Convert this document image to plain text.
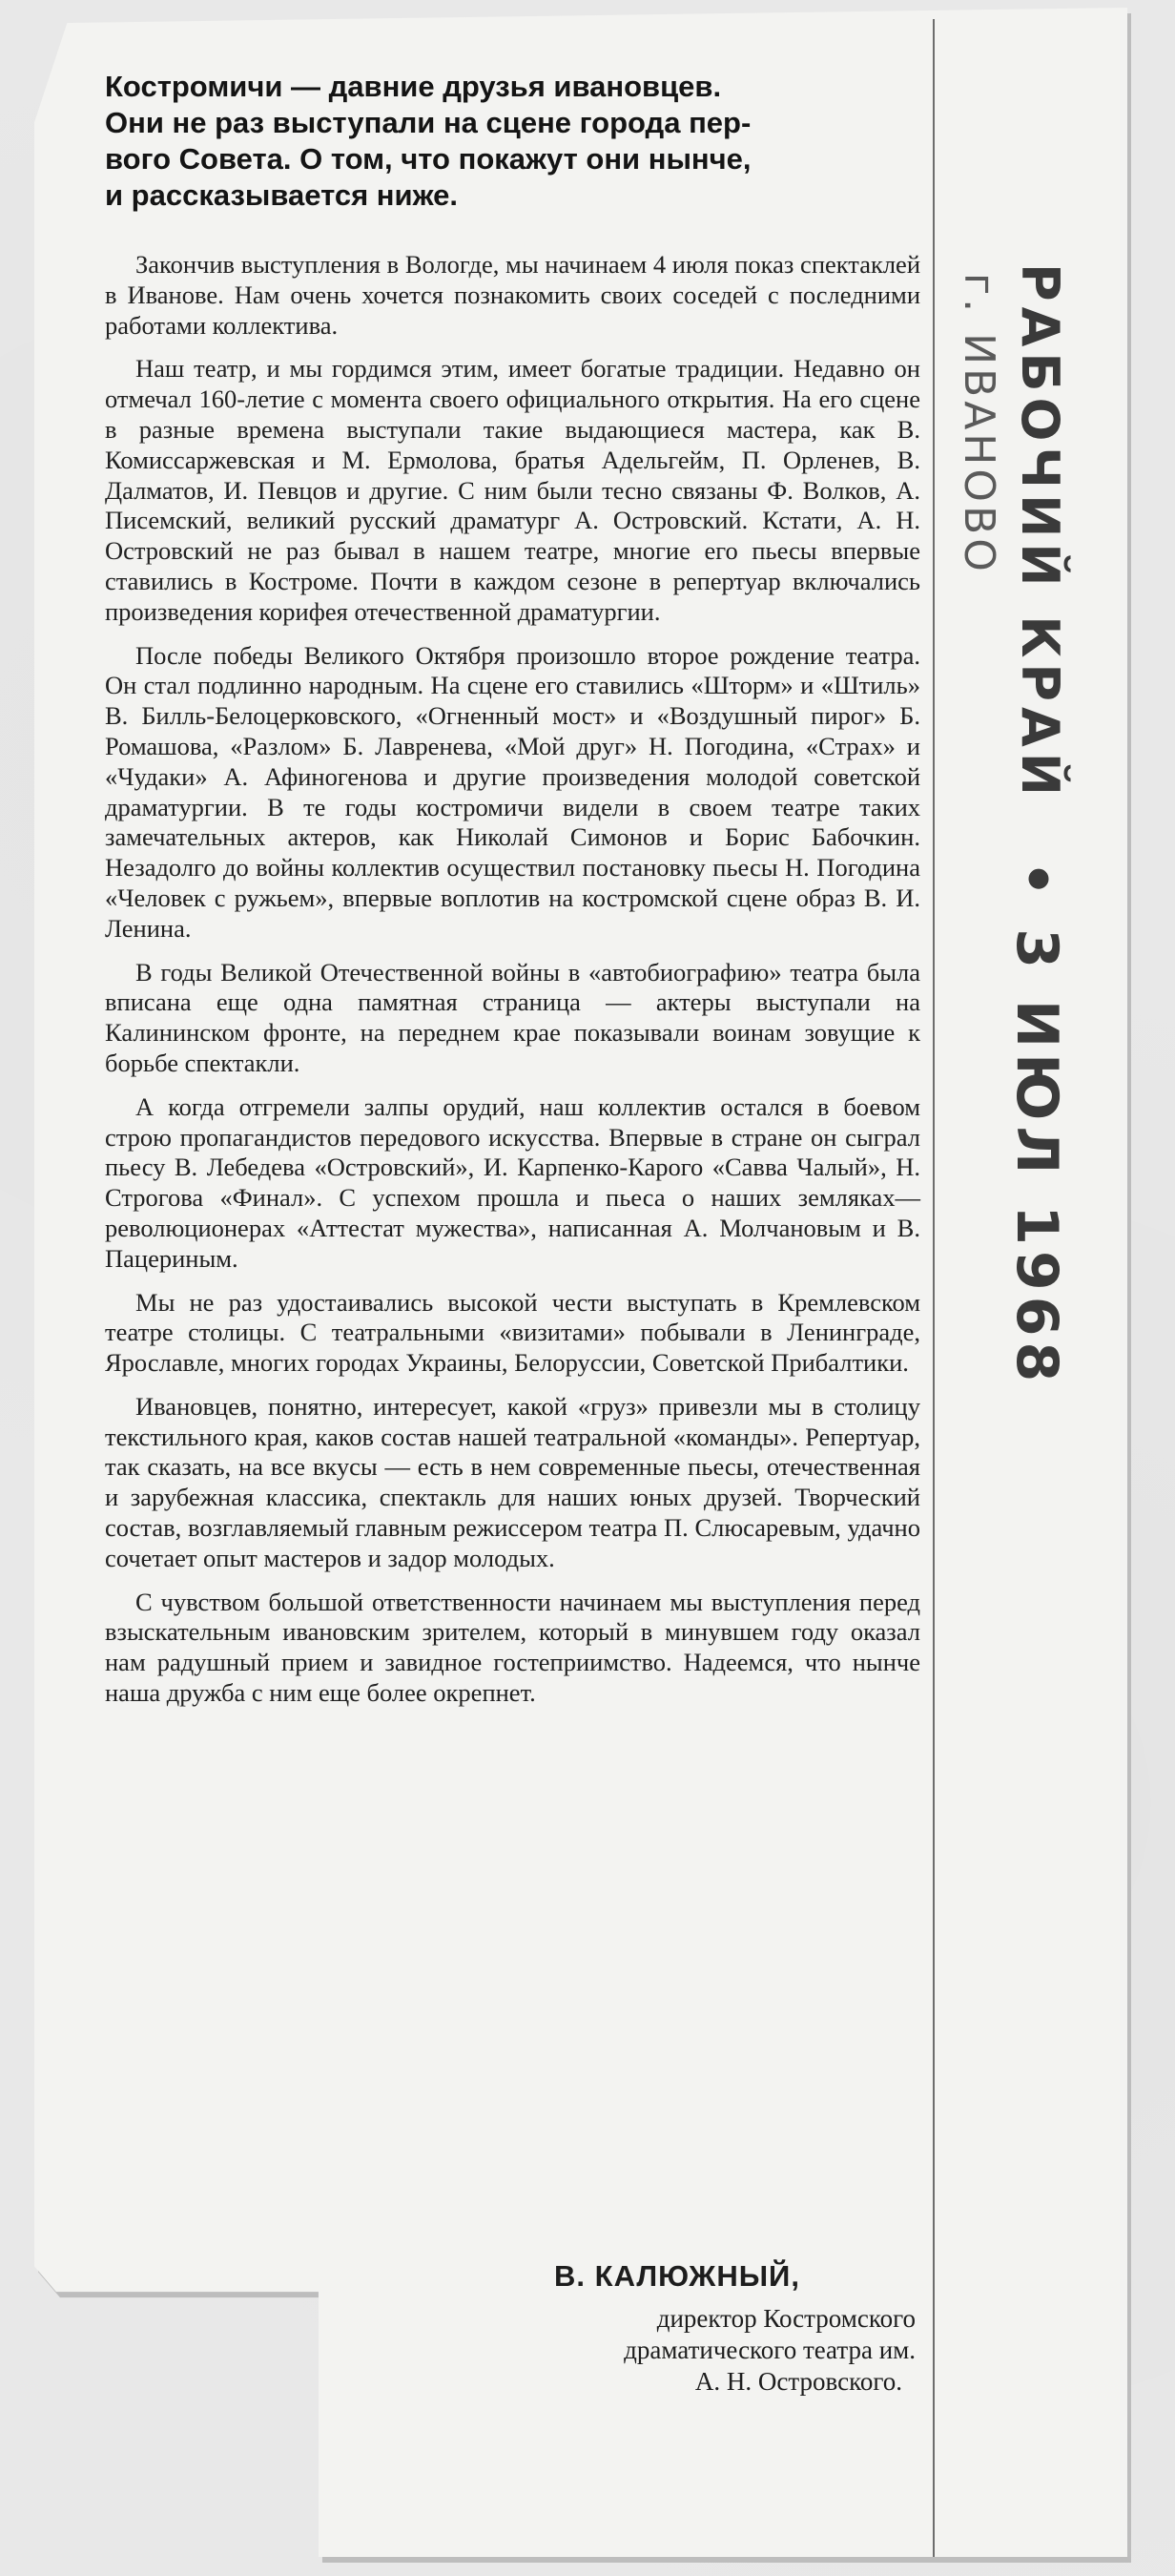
РАБОЧИЙ КРАЙ
г. ИВАНОВО
• 3 ИЮЛ 1968
Костромичи — давние друзья ивановцев.
Они не раз выступали на сцене города пер-
вого Совета. О том, что покажут они нынче,
и рассказывается ниже.

Закончив выступления в Вологде, мы начинаем 4 июля показ спектаклей в Иванове. Нам очень хочется познакомить своих соседей с последними работами коллектива.

Наш театр, и мы гордимся этим, имеет богатые традиции. Недавно он отмечал 160-летие с момента своего официального открытия. На его сцене в разные времена выступали такие выдающиеся мастера, как В. Комиссаржевская и М. Ермолова, братья Адельгейм, П. Орленев, В. Далматов, И. Певцов и другие. С ним были тесно связаны Ф. Волков, А. Писемский, великий русский драматург А. Островский. Кстати, А. Н. Островский не раз бывал в нашем театре, многие его пьесы впервые ставились в Костроме. Почти в каждом сезоне в репертуар включались произведения корифея отечественной драматургии.

После победы Великого Октября произошло второе рождение театра. Он стал подлинно народным. На сцене его ставились «Шторм» и «Штиль» В. Билль-Белоцерковского, «Огненный мост» и «Воздушный пирог» Б. Ромашова, «Разлом» Б. Лавренева, «Мой друг» Н. Погодина, «Страх» и «Чудаки» А. Афиногенова и другие произведения молодой советской драматургии. В те годы костромичи видели в своем театре таких замечательных актеров, как Николай Симонов и Борис Бабочкин. Незадолго до войны коллектив осуществил постановку пьесы Н. Погодина «Человек с ружьем», впервые воплотив на костромской сцене образ В. И. Ленина.

В годы Великой Отечественной войны в «автобиографию» театра была вписана еще одна памятная страница — актеры выступали на Калининском фронте, на переднем крае показывали воинам зовущие к борьбе спектакли.

А когда отгремели залпы орудий, наш коллектив остался в боевом строю пропагандистов передового искусства. Впервые в стране он сыграл пьесу В. Лебедева «Островский», И. Карпенко-Карого «Савва Чалый», Н. Строгова «Финал». С успехом прошла и пьеса о наших земляках—революционерах «Аттестат мужества», написанная А. Молчановым и В. Пацериным.

Мы не раз удостаивались высокой чести выступать в Кремлевском театре столицы. С театральными «визитами» побывали в Ленинграде, Ярославле, многих городах Украины, Белоруссии, Советской Прибалтики.

Ивановцев, понятно, интересует, какой «груз» привезли мы в столицу текстильного края, каков состав нашей театральной «команды». Репертуар, так сказать, на все вкусы — есть в нем современные пьесы, отечественная и зарубежная классика, спектакль для наших юных друзей. Творческий состав, возглавляемый главным режиссером театра П. Слюсаревым, удачно сочетает опыт мастеров и задор молодых.

С чувством большой ответственности начинаем мы выступления перед взыскательным ивановским зрителем, который в минувшем году оказал нам радушный прием и завидное гостеприимство. Надеемся, что нынче наша дружба с ним еще более окрепнет.

В. КАЛЮЖНЫЙ,

директор Костромского

драматического театра им.

А. Н. Островского.
